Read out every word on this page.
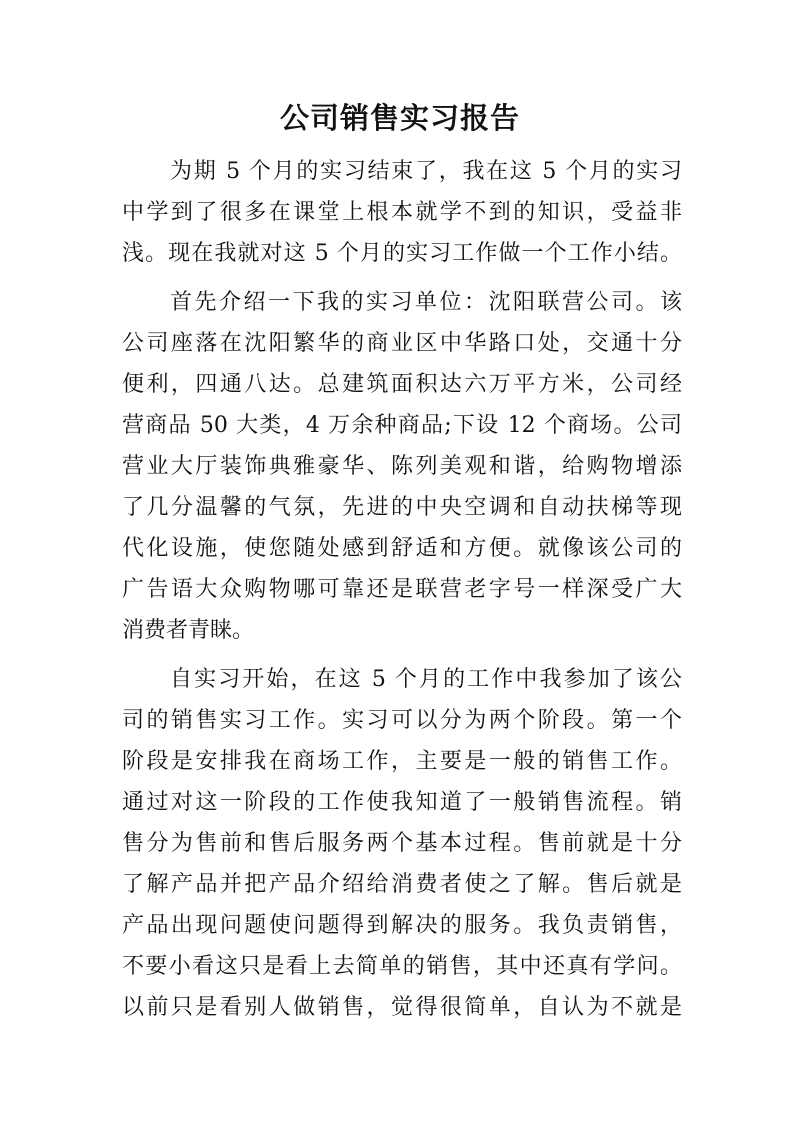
公司销售实习报告
为期 5 个月的实习结束了，我在这 5 个月的实习
中学到了很多在课堂上根本就学不到的知识，受益非
浅。现在我就对这 5 个月的实习工作做一个工作小结。
首先介绍一下我的实习单位：沈阳联营公司。该
公司座落在沈阳繁华的商业区中华路口处，交通十分
便利，四通八达。总建筑面积达六万平方米，公司经
营商品 50 大类，4 万余种商品;下设 12 个商场。公司
营业大厅装饰典雅豪华、陈列美观和谐，给购物增添
了几分温馨的气氛，先进的中央空调和自动扶梯等现
代化设施，使您随处感到舒适和方便。就像该公司的
广告语大众购物哪可靠还是联营老字号一样深受广大
消费者青睐。
自实习开始，在这 5 个月的工作中我参加了该公
司的销售实习工作。实习可以分为两个阶段。第一个
阶段是安排我在商场工作，主要是一般的销售工作。
通过对这一阶段的工作使我知道了一般销售流程。销
售分为售前和售后服务两个基本过程。售前就是十分
了解产品并把产品介绍给消费者使之了解。售后就是
产品出现问题使问题得到解决的服务。我负责销售，
不要小看这只是看上去简单的销售，其中还真有学问。
以前只是看别人做销售，觉得很简单，自认为不就是
